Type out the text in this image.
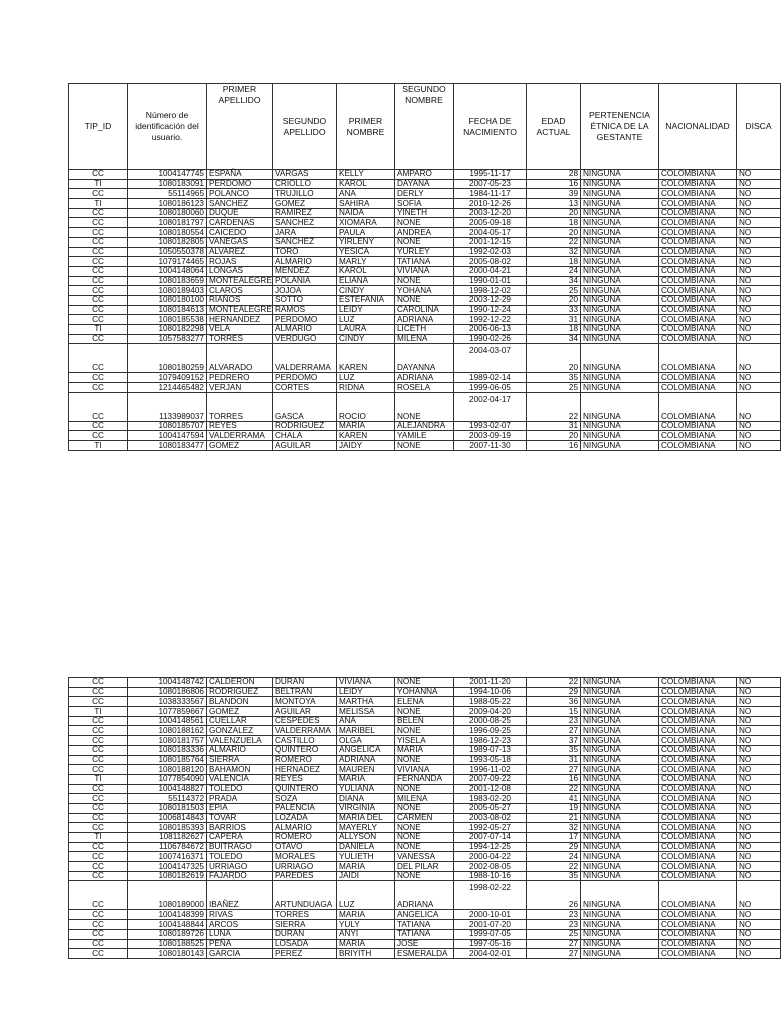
TIP_ID	Número de identificación del usuario.	PRIMER APELLIDO	SEGUNDO APELLIDO	PRIMER NOMBRE	SEGUNDO NOMBRE	FECHA DE NACIMIENTO	EDAD ACTUAL	PERTENENCIA ÉTNICA DE LA GESTANTE	NACIONALIDAD	DISCA
CC	1004147745	ESPAÑA	VARGAS	KELLY	AMPARO	1995-11-17	28	NINGUNA	COLOMBIANA	NO
TI	1080183091	PERDOMO	CRIOLLO	KAROL	DAYANA	2007-05-23	16	NINGUNA	COLOMBIANA	NO
CC	55114965	POLANCO	TRUJILLO	ANA	DERLY	1984-11-17	39	NINGUNA	COLOMBIANA	NO
TI	1080186123	SANCHEZ	GOMEZ	SAHIRA	SOFIA	2010-12-26	13	NINGUNA	COLOMBIANA	NO
CC	1080180060	DUQUE	RAMIREZ	NAIDA	YINETH	2003-12-20	20	NINGUNA	COLOMBIANA	NO
CC	1080181797	CARDENAS	SANCHEZ	XIOMARA	NONE	2005-09-18	18	NINGUNA	COLOMBIANA	NO
CC	1080180554	CAICEDO	JARA	PAULA	ANDREA	2004-05-17	20	NINGUNA	COLOMBIANA	NO
CC	1080182805	VANEGAS	SANCHEZ	YIRLENY	NONE	2001-12-15	22	NINGUNA	COLOMBIANA	NO
CC	1050550378	ALVAREZ	TORO	YESICA	YURLEY	1992-02-03	32	NINGUNA	COLOMBIANA	NO
CC	1079174465	ROJAS	ALMARIO	MARLY	TATIANA	2005-08-02	18	NINGUNA	COLOMBIANA	NO
CC	1004148064	LONGAS	MENDEZ	KAROL	VIVIANA	2000-04-21	24	NINGUNA	COLOMBIANA	NO
CC	1080183659	MONTEALEGRE	POLANIA	ELIANA	NONE	1990-01-01	34	NINGUNA	COLOMBIANA	NO
CC	1080189403	CLAROS	JOJOA	CINDY	YOHANA	1998-12-02	25	NINGUNA	COLOMBIANA	NO
CC	1080180100	RIAÑOS	SOTTO	ESTEFANIA	NONE	2003-12-29	20	NINGUNA	COLOMBIANA	NO
CC	1080184613	MONTEALEGRE	RAMOS	LEIDY	CAROLINA	1990-12-24	33	NINGUNA	COLOMBIANA	NO
CC	1080185538	HERNANDEZ	PERDOMO	LUZ	ADRIANA	1992-12-22	31	NINGUNA	COLOMBIANA	NO
TI	1080182298	VELA	ALMARIO	LAURA	LICETH	2006-06-13	18	NINGUNA	COLOMBIANA	NO
CC	1057583277	TORRES	VERDUGO	CINDY	MILENA	1990-02-26	34	NINGUNA	COLOMBIANA	NO
CC	1080180259	ALVARADO	VALDERRAMA	KAREN	DAYANNA	2004-03-07	20	NINGUNA	COLOMBIANA	NO
CC	1079409152	PEDRERO	PERDOMO	LUZ	ADRIANA	1989-02-14	35	NINGUNA	COLOMBIANA	NO
CC	1214465482	VERJAN	CORTES	RIDNA	ROSELA	1999-06-05	25	NINGUNA	COLOMBIANA	NO
CC	1133989037	TORRES	GASCA	ROCIO	NONE	2002-04-17	22	NINGUNA	COLOMBIANA	NO
CC	1080185707	REYES	RODRIGUEZ	MARIA	ALEJANDRA	1993-02-07	31	NINGUNA	COLOMBIANA	NO
CC	1004147594	VALDERRAMA	CHALA	KAREN	YAMILE	2003-09-19	20	NINGUNA	COLOMBIANA	NO
TI	1080183477	GOMEZ	AGUILAR	JAIDY	NONE	2007-11-30	16	NINGUNA	COLOMBIANA	NO
CC	1004148742	CALDERON	DURAN	VIVIANA	NONE	2001-11-20	22	NINGUNA	COLOMBIANA	NO
CC	1080186806	RODRIGUEZ	BELTRAN	LEIDY	YOHANNA	1994-10-06	29	NINGUNA	COLOMBIANA	NO
CC	1038333567	BLANDON	MONTOYA	MARTHA	ELENA	1988-05-22	36	NINGUNA	COLOMBIANA	NO
TI	1077859667	GOMEZ	AGUILAR	MELISSA	NONE	2009-04-20	15	NINGUNA	COLOMBIANA	NO
CC	1004148561	CUELLAR	CESPEDES	ANA	BELEN	2000-08-25	23	NINGUNA	COLOMBIANA	NO
CC	1080188162	GONZALEZ	VALDERRAMA	MARIBEL	NONE	1996-09-25	27	NINGUNA	COLOMBIANA	NO
CC	1080181757	VALENZUELA	CASTILLO	OLGA	YISELA	1986-12-23	37	NINGUNA	COLOMBIANA	NO
CC	1080183336	ALMARIO	QUINTERO	ANGELICA	MARIA	1989-07-13	35	NINGUNA	COLOMBIANA	NO
CC	1080185764	SIERRA	ROMERO	ADRIANA	NONE	1993-05-18	31	NINGUNA	COLOMBIANA	NO
CC	1080188120	BAHAMON	HERNADEZ	MAUREN	VIVIANA	1996-11-02	27	NINGUNA	COLOMBIANA	NO
TI	1077854090	VALENCIA	REYES	MARIA	FERNANDA	2007-09-22	16	NINGUNA	COLOMBIANA	NO
CC	1004148827	TOLEDO	QUINTERO	YULIANA	NONE	2001-12-08	22	NINGUNA	COLOMBIANA	NO
CC	55114372	PRADA	SOZA	DIANA	MILENA	1983-02-20	41	NINGUNA	COLOMBIANA	NO
CC	1080181503	EPIA	PALENCIA	VIRGINIA	NONE	2005-05-27	19	NINGUNA	COLOMBIANA	NO
CC	1006814843	TOVAR	LOZADA	MARIA DEL	CARMEN	2003-08-02	21	NINGUNA	COLOMBIANA	NO
CC	1080185393	BARRIOS	ALMARIO	MAYERLY	NONE	1992-05-27	32	NINGUNA	COLOMBIANA	NO
TI	1081182627	CAPERA	ROMERO	ALLYSON	NONE	2007-07-14	17	NINGUNA	COLOMBIANA	NO
CC	1106784672	BUITRAGO	OTAVO	DANIELA	NONE	1994-12-25	29	NINGUNA	COLOMBIANA	NO
CC	1007416371	TOLEDO	MORALES	YULIETH	VANESSA	2000-04-22	24	NINGUNA	COLOMBIANA	NO
CC	1004147325	URRIAGO	URRIAGO	MARIA	DEL PILAR	2002-08-05	22	NINGUNA	COLOMBIANA	NO
CC	1080182619	FAJARDO	PAREDES	JAIDI	NONE	1988-10-16	35	NINGUNA	COLOMBIANA	NO
CC	1080189000	IBAÑEZ	ARTUNDUAGA	LUZ	ADRIANA	1998-02-22	26	NINGUNA	COLOMBIANA	NO
CC	1004148399	RIVAS	TORRES	MARIA	ANGELICA	2000-10-01	23	NINGUNA	COLOMBIANA	NO
CC	1004148844	ARCOS	SIERRA	YULY	TATIANA	2001-07-20	23	NINGUNA	COLOMBIANA	NO
CC	1080189726	LUNA	DURAN	ANYI	TATIANA	1999-07-05	25	NINGUNA	COLOMBIANA	NO
CC	1080188525	PEÑA	LOSADA	MARIA	JOSE	1997-05-16	27	NINGUNA	COLOMBIANA	NO
CC	1080180143	GARCIA	PEREZ	BRIYITH	ESMERALDA	2004-02-01	27	NINGUNA	COLOMBIANA	NO
